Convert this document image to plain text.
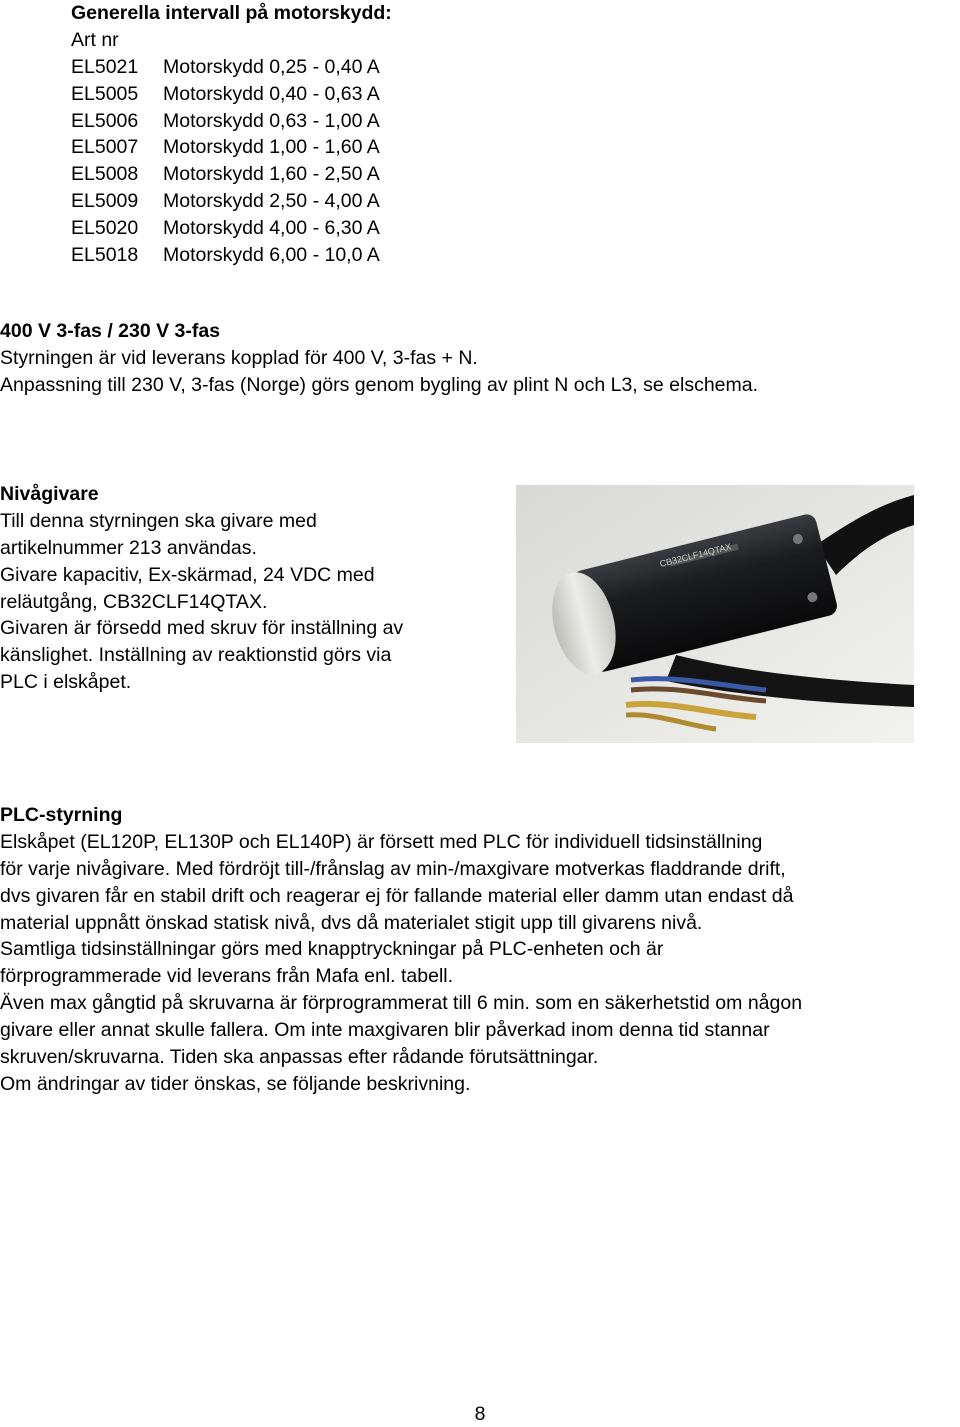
Generella intervall på motorskydd:
Art nr
EL5021	Motorskydd 0,25 - 0,40 A
EL5005	Motorskydd 0,40 - 0,63 A
EL5006	Motorskydd 0,63 - 1,00 A
EL5007	Motorskydd 1,00 - 1,60 A
EL5008	Motorskydd 1,60 - 2,50 A
EL5009	Motorskydd 2,50 - 4,00 A
EL5020	Motorskydd 4,00 - 6,30 A
EL5018	Motorskydd 6,00 - 10,0 A
400 V 3-fas / 230 V 3-fas
Styrningen är vid leverans kopplad för 400 V, 3-fas + N.
Anpassning till 230 V, 3-fas (Norge) görs genom bygling av plint N och L3, se elschema.
Nivågivare
Till denna styrningen ska givare med
artikelnummer 213 användas.
Givare kapacitiv, Ex-skärmad, 24 VDC med
reläutgång, CB32CLF14QTAX.
Givaren är försedd med skruv för inställning av
känslighet. Inställning av reaktionstid görs via
PLC i elskåpet.
CB32CLF14QTAX
PLC-styrning
Elskåpet (EL120P, EL130P och EL140P) är försett med PLC för individuell tidsinställning
för varje nivågivare. Med fördröjt till-/frånslag av min-/maxgivare motverkas fladdrande drift,
dvs givaren får en stabil drift och reagerar ej för fallande material eller damm utan endast då
material uppnått önskad statisk nivå, dvs då materialet stigit upp till givarens nivå.
Samtliga tidsinställningar görs med knapptryckningar på PLC-enheten och är
förprogrammerade vid leverans från Mafa enl. tabell.
Även max gångtid på skruvarna är förprogrammerat till 6 min. som en säkerhetstid om någon
givare eller annat skulle fallera. Om inte maxgivaren blir påverkad inom denna tid stannar
skruven/skruvarna. Tiden ska anpassas efter rådande förutsättningar.
Om ändringar av tider önskas, se följande beskrivning.
8
